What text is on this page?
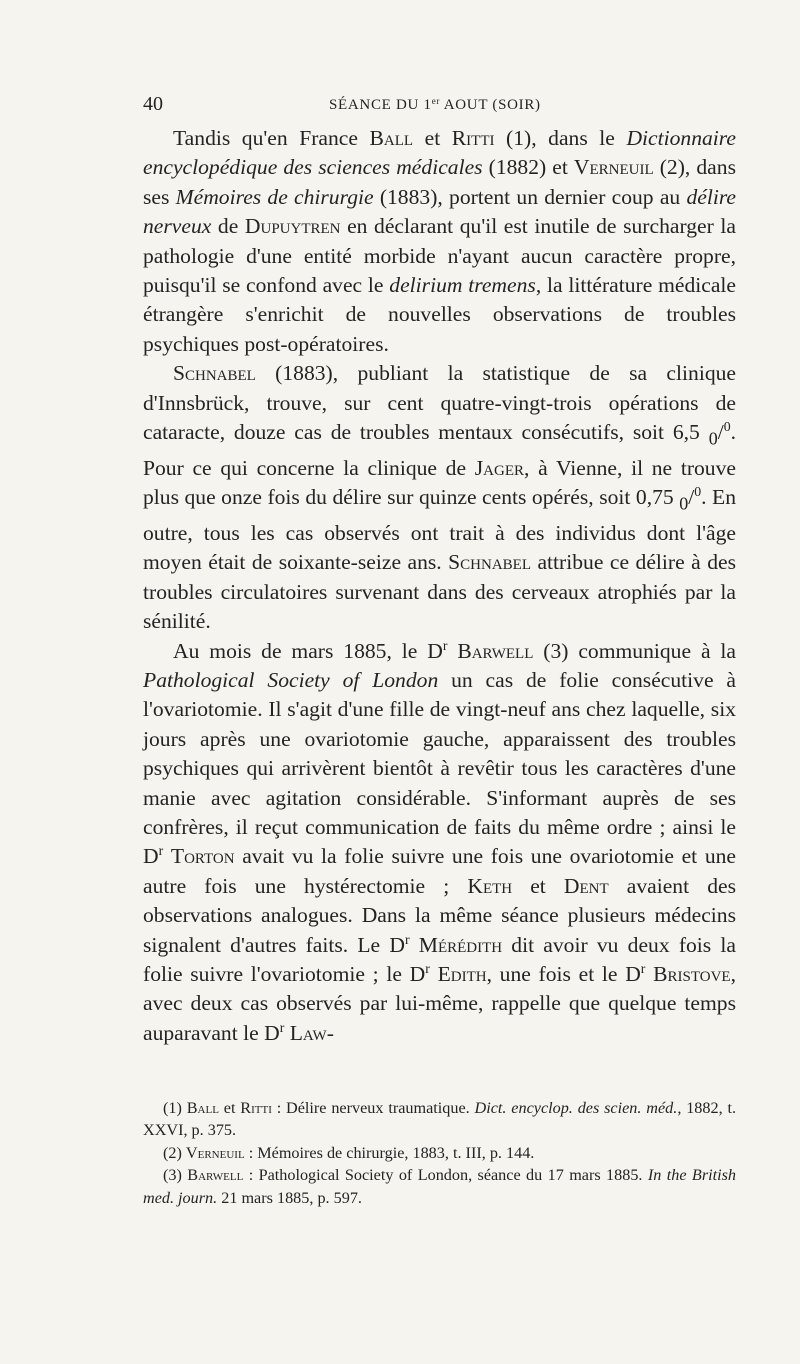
40	SÉANCE DU 1er AOUT (SOIR)

Tandis qu'en France Ball et Ritti (1), dans le Dictionnaire encyclopédique des sciences médicales (1882) et Verneuil (2), dans ses Mémoires de chirurgie (1883), portent un dernier coup au délire nerveux de Dupuytren en déclarant qu'il est inutile de surcharger la pathologie d'une entité morbide n'ayant aucun caractère propre, puisqu'il se confond avec le delirium tremens, la littérature médicale étrangère s'enrichit de nouvelles observations de troubles psychiques post-opératoires.

Schnabel (1883), publiant la statistique de sa clinique d'Innsbrück, trouve, sur cent quatre-vingt-trois opérations de cataracte, douze cas de troubles mentaux consécutifs, soit 6,5 $_0$/$^0$. Pour ce qui concerne la clinique de Jager, à Vienne, il ne trouve plus que onze fois du délire sur quinze cents opérés, soit 0,75 $_0$/$^0$. En outre, tous les cas observés ont trait à des individus dont l'âge moyen était de soixante-seize ans. Schnabel attribue ce délire à des troubles circulatoires survenant dans des cerveaux atrophiés par la sénilité.

Au mois de mars 1885, le $D^r$ Barwell (3) communique à la Pathological Society of London un cas de folie consécutive à l'ovariotomie. Il s'agit d'une fille de vingt-neuf ans chez laquelle, six jours après une ovariotomie gauche, apparaissent des troubles psychiques qui arrivèrent bientôt à revêtir tous les caractères d'une manie avec agitation considérable. S'informant auprès de ses confrères, il reçut communication de faits du même ordre ; ainsi le $D^r$ Torton avait vu la folie suivre une fois une ovariotomie et une autre fois une hystérectomie ; Keth et Dent avaient des observations analogues. Dans la même séance plusieurs médecins signalent d'autres faits. Le $D^r$ Mérédith dit avoir vu deux fois la folie suivre l'ovariotomie ; le $D^r$ Edith, une fois et le $D^r$ Bristove, avec deux cas observés par lui-même, rappelle que quelque temps auparavant le $D^r$ Law-

(1) Ball et Ritti : Délire nerveux traumatique. Dict. encyclop. des scien. méd., 1882, t. XXVI, p. 375.

(2) Verneuil : Mémoires de chirurgie, 1883, t. III, p. 144.

(3) Barwell : Pathological Society of London, séance du 17 mars 1885. In the British med. journ. 21 mars 1885, p. 597.
